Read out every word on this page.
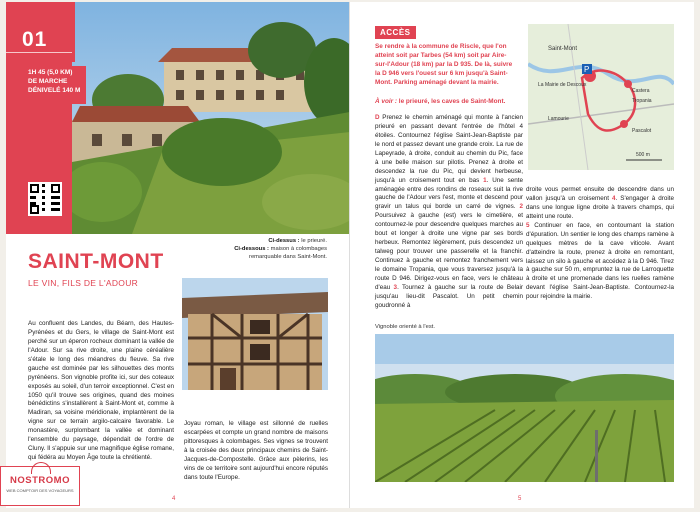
01
1H 45 (5,0 KM) DE MARCHE
DÉNIVELÉ 140 M
Ci-dessus : le prieuré.
Ci-dessous : maison à colombages remarquable dans Saint-Mont.
SAINT-MONT
LE VIN, FILS DE L'ADOUR
Au confluent des Landes, du Béarn, des Hautes-Pyrénées et du Gers, le village de Saint-Mont est perché sur un éperon rocheux dominant la vallée de l'Adour. Sur sa rive droite, une plaine céréalière s'étale le long des méandres du fleuve. Sa rive gauche est dominée par les silhouettes des monts pyrénéens. Son vignoble profite ici, sur des coteaux exposés au soleil, d'un terroir exceptionnel. C'est en 1050 qu'il trouve ses origines, quand des moines bénédictins s'installèrent à Saint-Mont et, comme à Madiran, sa voisine méridionale, implantèrent de la vigne sur ce terrain argilo-calcaire favorable. Le monastère, surplombant la vallée et dominant l'ensemble du paysage, dépendait de l'ordre de Cluny. Il s'appuie sur une magnifique église romane, qui fédéra au Moyen Âge toute la chrétienté.
Joyau roman, le village est sillonné de ruelles escarpées et compte un grand nombre de maisons pittoresques à colombages. Ses vignes se trouvent à la croisée des deux principaux chemins de Saint-Jacques-de-Compostelle. Grâce aux pèlerins, les vins de ce territoire sont aujourd'hui encore réputés dans toute l'Europe.
4
ACCÈS
Se rendre à la commune de Riscle, que l'on atteint soit par Tarbes (54 km) soit par Aire-sur-l'Adour (18 km) par la D 935. De là, suivre la D 946 vers l'ouest sur 6 km jusqu'à Saint-Mont. Parking aménagé devant la mairie.
À voir : le prieuré, les caves de Saint-Mont.
P
Saint-Mont
La Mairie de Descoux
Tropania
Castera
Pascalot
Lamourie
500 m
D Prenez le chemin aménagé qui monte à l'ancien prieuré en passant devant l'entrée de l'hôtel 4 étoiles. Contournez l'église Saint-Jean-Baptiste par le nord et passez devant une grande croix. La rue de Lapeyrade, à droite, conduit au chemin du Pic, face à une belle maison sur pilotis. Prenez à droite et descendez la rue du Pic, qui devient herbeuse, jusqu'à un croisement tout en bas 1. Une sente aménagée entre des rondins de roseaux suit la rive gauche de l'Adour vers l'est, monte et descend pour gravir un talus qui borde un carré de vignes. 2 Poursuivez à gauche (est) vers le cimetière, et contournez-le pour descendre quelques marches au bout et longer à droite une vigne par ses bords herbeux. Remontez légèrement, puis descendez un talweg pour trouver une passerelle et la franchir. Continuez à gauche et remontez franchement vers le domaine Tropania, que vous traversez jusqu'à la route D 946. Dirigez-vous en face, vers le château d'eau 3. Tournez à gauche sur la route de Belair jusqu'au lieu-dit Pascalot. Un petit chemin goudronné à
droite vous permet ensuite de descendre dans un vallon jusqu'à un croisement 4. S'engager à droite dans une longue ligne droite à travers champs, qui atteint une route.
5 Continuer en face, en contournant la station d'épuration. Un sentier le long des champs ramène à quelques mètres de la cave viticole. Avant d'atteindre la route, prenez à droite en remontant, laissez un silo à gauche et accédez à la D 946. Tirez à gauche sur 50 m, empruntez la rue de Larroquette à droite et une promenade dans les ruelles ramène devant l'église Saint-Jean-Baptiste. Contournez-la pour rejoindre la mairie.
Vignoble orienté à l'est.
5
NOSTROMO
WEB COMPTOIR DES VOYAGEURS
